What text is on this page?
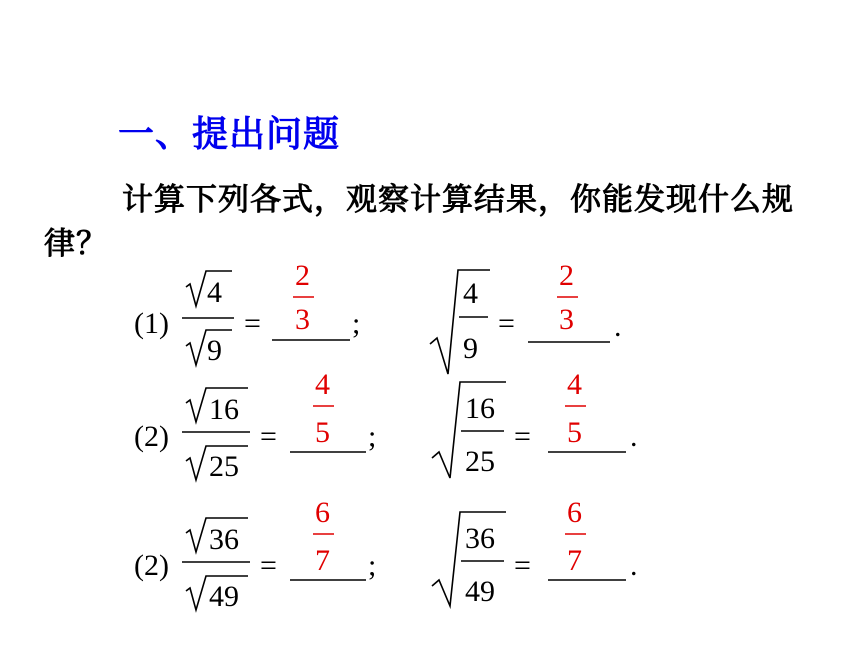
一、提出问题
计算下列各式，观察计算结果，你能发现什么规律？
(1)
4
9
=
2
3 ;
4
9
=
2
3 .
(2)
16
25
=
4
5 ;
16
25
=
4
5 .
(2)
36
49
=
6
7 ;
36
49
=
6
7 .
